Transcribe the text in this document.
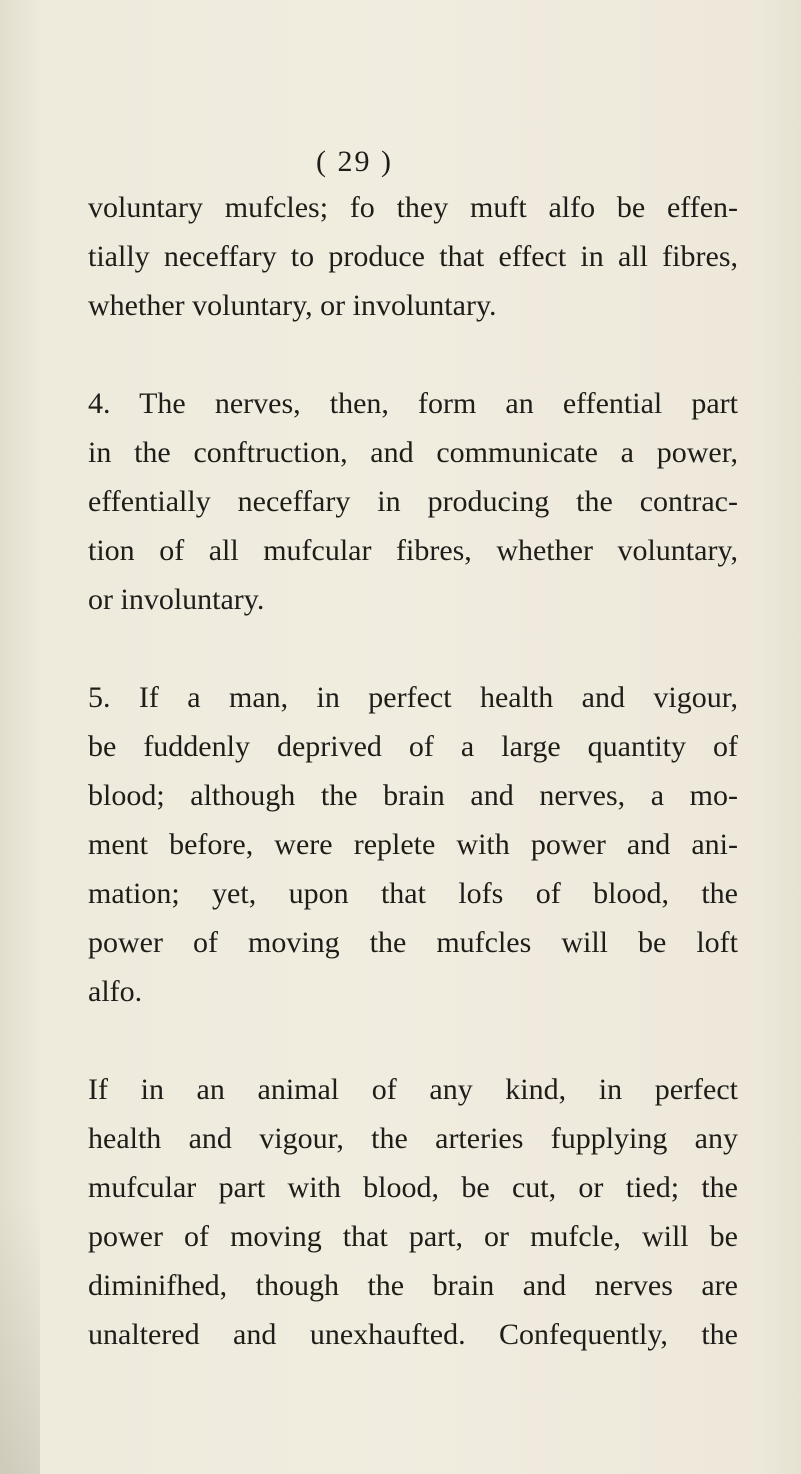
( 29 )
voluntary mufcles; fo they muft alfo be effen-
tially neceffary to produce that effect in all fibres,
whether voluntary, or involuntary.
4. The nerves, then, form an effential part
in the conftruction, and communicate a power,
effentially neceffary in producing the contrac-
tion of all mufcular fibres, whether voluntary,
or involuntary.
5. If a man, in perfect health and vigour,
be fuddenly deprived of a large quantity of
blood; although the brain and nerves, a mo-
ment before, were replete with power and ani-
mation; yet, upon that lofs of blood, the
power of moving the mufcles will be loft
alfo.
If in an animal of any kind, in perfect
health and vigour, the arteries fupplying any
mufcular part with blood, be cut, or tied; the
power of moving that part, or mufcle, will be
diminifhed, though the brain and nerves are
unaltered and unexhaufted. Confequently, the
